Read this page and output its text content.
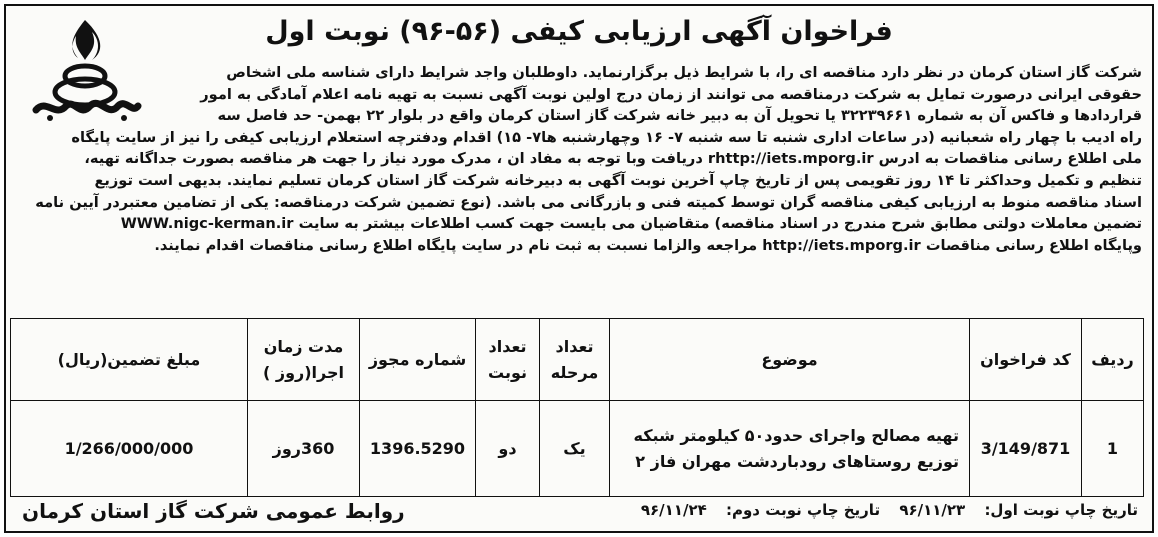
فراخوان آگهی ارزیابی کیفی (۵۶-۹۶) نوبت اول
شرکت گاز استان کرمان در نظر دارد مناقصه ای را، با شرایط ذیل برگزارنماید. داوطلبان واجد شرایط دارای شناسه ملی اشخاص
حقوقی ایرانی درصورت تمایل به شرکت درمناقصه می توانند از زمان درج اولین نوبت آگهی نسبت به تهیه نامه اعلام آمادگی به امور
قراردادها و فاکس آن به شماره ۳۲۲۳۹۶۶۱ یا تحویل آن به دبیر خانه شرکت گاز استان کرمان واقع در بلوار ۲۲ بهمن- حد فاصل سه
راه ادیب با چهار راه شعبانیه (در ساعات اداری شنبه تا سه شنبه ۷- ۱۶ وچهارشنبه ها۷- ۱۵) اقدام ودفترچه استعلام ارزیابی کیفی را نیز از سایت پایگاه
ملی اطلاع رسانی مناقصات به ادرس rhttp://iets.mporg.ir دریافت وبا توجه به مفاد ان ، مدرک مورد نیاز را جهت هر مناقصه بصورت جداگانه تهیه،
تنظیم و تکمیل وحداکثر تا ۱۴ روز تقویمی پس از تاریخ چاپ آخرین نوبت آگهی به دبیرخانه شرکت گاز استان کرمان تسلیم نمایند. بدیهی است توزیع
اسناد مناقصه منوط به ارزیابی کیفی مناقصه گران توسط کمیته فنی و بازرگانی می باشد. (نوع تضمین شرکت درمناقصه: یکی از تضامین معتبردر آیین نامه
تضمین معاملات دولتی مطابق شرح مندرج در اسناد مناقصه) متقاضیان می بایست جهت کسب اطلاعات بیشتر به سایت WWW.nigc-kerman.ir
وپایگاه اطلاع رسانی مناقصات http://iets.mporg.ir مراجعه والزاما نسبت به ثبت نام در سایت پایگاه اطلاع رسانی مناقصات اقدام نمایند.
ردیف	کد فراخوان	موضوع	تعداد مرحله	تعداد نوبت	شماره مجوز	مدت زمان اجرا(روز )	مبلغ تضمین(ریال)
1	3/149/871	تهیه مصالح واجرای حدود۵۰ کیلومتر شبکه توزیع روستاهای رودباردشت مهران فاز ۲	یک	دو	1396.5290	360روز	1/266/000/000
تاریخ چاپ نوبت اول: ۹۶/۱۱/۲۳ تاریخ چاپ نوبت دوم: ۹۶/۱۱/۲۴
روابط عمومی شرکت گاز استان کرمان
